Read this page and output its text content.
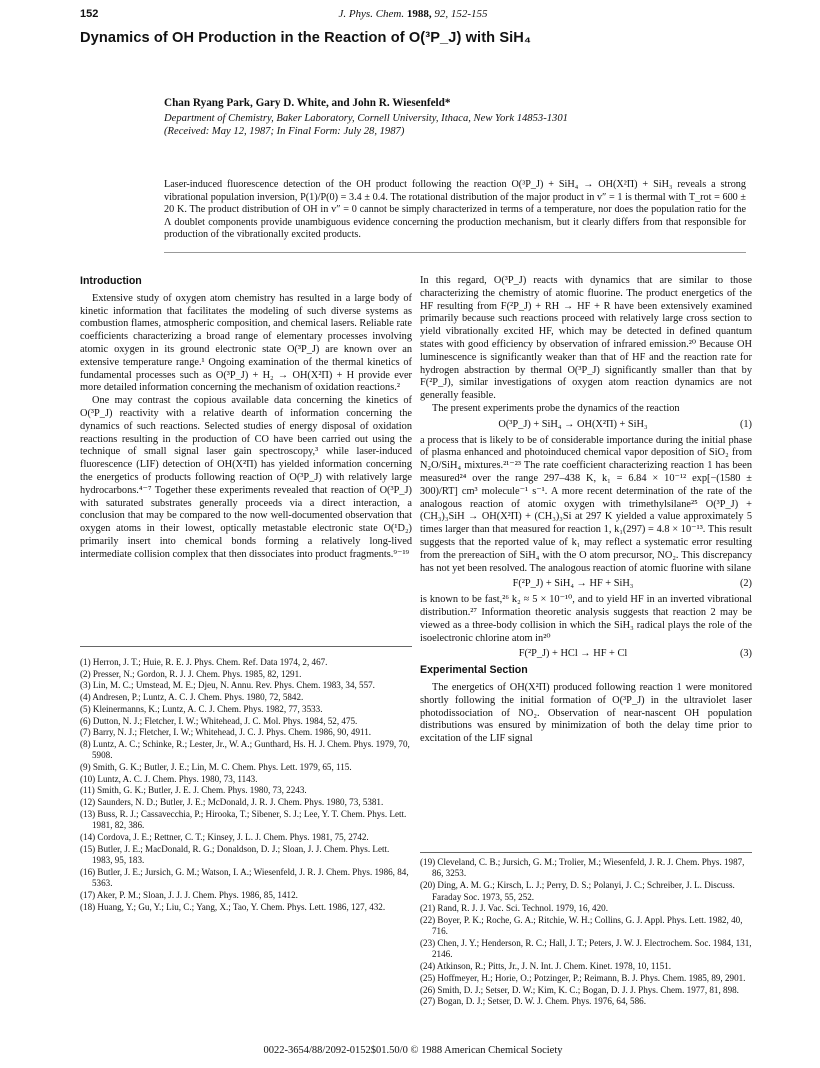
152	J. Phys. Chem. 1988, 92, 152-155
Dynamics of OH Production in the Reaction of O(³P_J) with SiH₄
Chan Ryang Park, Gary D. White, and John R. Wiesenfeld*
Department of Chemistry, Baker Laboratory, Cornell University, Ithaca, New York 14853-1301
(Received: May 12, 1987; In Final Form: July 28, 1987)
Laser-induced fluorescence detection of the OH product following the reaction O(³P_J) + SiH₄ → OH(X²Π) + SiH₃ reveals a strong vibrational population inversion, P(1)/P(0) = 3.4 ± 0.4. The rotational distribution of the major product in v″ = 1 is thermal with T_rot = 600 ± 20 K. The product distribution of OH in v″ = 0 cannot be simply characterized in terms of a temperature, nor does the population ratio for the Λ doublet components provide unambiguous evidence concerning the production mechanism, but it clearly differs from that responsible for production of the vibrationally excited products.
Introduction

Extensive study of oxygen atom chemistry has resulted in a large body of kinetic information that facilitates the modeling of such diverse systems as combustion flames, atmospheric composition, and chemical lasers. Reliable rate coefficients characterizing a broad range of elementary processes involving atomic oxygen in its ground electronic state O(³P_J) are known over an extensive temperature range.¹ Ongoing examination of the thermal kinetics of fundamental processes such as O(³P_J) + H₂ → OH(X²Π) + H provide ever more detailed information concerning the mechanism of oxidation reactions.²

One may contrast the copious available data concerning the kinetics of O(³P_J) reactivity with a relative dearth of information concerning the dynamics of such reactions. Selected studies of energy disposal of oxidation reactions resulting in the production of CO have been carried out using the technique of small signal laser gain spectroscopy,³ while laser-induced fluorescence (LIF) detection of OH(X²Π) has yielded information concerning the energetics of products following reaction of O(³P_J) with relatively large hydrocarbons.⁴⁻⁷ Together these experiments revealed that reaction of O(³P_J) with saturated substrates generally proceeds via a direct interaction, a conclusion that may be compared to the now well-documented observation that oxygen atoms in their lowest, optically metastable electronic state O(¹D₂) primarily insert into chemical bonds forming a relatively long-lived intermediate collision complex that then dissociates into product fragments.⁹⁻¹⁹

(1) Herron, J. T.; Huie, R. E. J. Phys. Chem. Ref. Data 1974, 2, 467.
(2) Presser, N.; Gordon, R. J. J. Chem. Phys. 1985, 82, 1291.
(3) Lin, M. C.; Umstead, M. E.; Djeu, N. Annu. Rev. Phys. Chem. 1983, 34, 557.
(4) Andresen, P.; Luntz, A. C. J. Chem. Phys. 1980, 72, 5842.
(5) Kleinermanns, K.; Luntz, A. C. J. Chem. Phys. 1982, 77, 3533.
(6) Dutton, N. J.; Fletcher, I. W.; Whitehead, J. C. Mol. Phys. 1984, 52, 475.
(7) Barry, N. J.; Fletcher, I. W.; Whitehead, J. C. J. Phys. Chem. 1986, 90, 4911.
(8) Luntz, A. C.; Schinke, R.; Lester, Jr., W. A.; Gunthard, Hs. H. J. Chem. Phys. 1979, 70, 5908.
(9) Smith, G. K.; Butler, J. E.; Lin, M. C. Chem. Phys. Lett. 1979, 65, 115.
(10) Luntz, A. C. J. Chem. Phys. 1980, 73, 1143.
(11) Smith, G. K.; Butler, J. E. J. Chem. Phys. 1980, 73, 2243.
(12) Saunders, N. D.; Butler, J. E.; McDonald, J. R. J. Chem. Phys. 1980, 73, 5381.
(13) Buss, R. J.; Cassavecchia, P.; Hirooka, T.; Sibener, S. J.; Lee, Y. T. Chem. Phys. Lett. 1981, 82, 386.
(14) Cordova, J. E.; Rettner, C. T.; Kinsey, J. L. J. Chem. Phys. 1981, 75, 2742.
(15) Butler, J. E.; MacDonald, R. G.; Donaldson, D. J.; Sloan, J. J. Chem. Phys. Lett. 1983, 95, 183.
(16) Butler, J. E.; Jursich, G. M.; Watson, I. A.; Wiesenfeld, J. R. J. Chem. Phys. 1986, 84, 5363.
(17) Aker, P. M.; Sloan, J. J. J. Chem. Phys. 1986, 85, 1412.
(18) Huang, Y.; Gu, Y.; Liu, C.; Yang, X.; Tao, Y. Chem. Phys. Lett. 1986, 127, 432.

In this regard, O(³P_J) reacts with dynamics that are similar to those characterizing the chemistry of atomic fluorine. The product energetics of the HF resulting from F(²P_J) + RH → HF + R have been extensively examined primarily because such reactions proceed with relatively large cross section to yield vibrationally excited HF, which may be detected in defined quantum states with good efficiency by observation of infrared emission.²⁰ Because OH luminescence is significantly weaker than that of HF and the reaction rate for hydrogen abstraction by thermal O(³P_J) significantly smaller than that by F(²P_J), similar investigations of oxygen atom reaction dynamics are not generally feasible.

The present experiments probe the dynamics of the reaction

O(³P_J) + SiH₄ → OH(X²Π) + SiH₃	(1)

a process that is likely to be of considerable importance during the initial phase of plasma enhanced and photoinduced chemical vapor deposition of SiO₂ from N₂O/SiH₄ mixtures.²¹⁻²³ The rate coefficient characterizing reaction 1 has been measured²⁴ over the range 297–438 K, k₁ = 6.84 × 10⁻¹² exp[−(1580 ± 300)/RT] cm³ molecule⁻¹ s⁻¹. A more recent determination of the rate of the analogous reaction of atomic oxygen with trimethylsilane²⁵ O(³P_J) + (CH₃)₃SiH → OH(X²Π) + (CH₃)₃Si at 297 K yielded a value approximately 5 times larger than that measured for reaction 1, k₁(297) = 4.8 × 10⁻¹³. This result suggests that the reported value of k₁ may reflect a systematic error resulting from the prereaction of SiH₄ with the O atom precursor, NO₂. This discrepancy has not yet been resolved. The analogous reaction of atomic fluorine with silane

F(²P_J) + SiH₄ → HF + SiH₃	(2)

is known to be fast,²⁶ k₂ ≈ 5 × 10⁻¹⁰, and to yield HF in an inverted vibrational distribution.²⁷ Information theoretic analysis suggests that reaction 2 may be viewed as a three-body collision in which the SiH₃ radical plays the role of the isoelectronic chlorine atom in²⁰

F(²P_J) + HCl → HF + Cl	(3)
Experimental Section

The energetics of OH(X²Π) produced following reaction 1 were monitored shortly following the initial formation of O(³P_J) in the ultraviolet laser photodissociation of NO₂. Observation of near-nascent OH population distributions was ensured by minimization of both the delay time prior to excitation of the LIF signal

(19) Cleveland, C. B.; Jursich, G. M.; Trolier, M.; Wiesenfeld, J. R. J. Chem. Phys. 1987, 86, 3253.
(20) Ding, A. M. G.; Kirsch, L. J.; Perry, D. S.; Polanyi, J. C.; Schreiber, J. L. Discuss. Faraday Soc. 1973, 55, 252.
(21) Rand, R. J. J. Vac. Sci. Technol. 1979, 16, 420.
(22) Boyer, P. K.; Roche, G. A.; Ritchie, W. H.; Collins, G. J. Appl. Phys. Lett. 1982, 40, 716.
(23) Chen, J. Y.; Henderson, R. C.; Hall, J. T.; Peters, J. W. J. Electrochem. Soc. 1984, 131, 2146.
(24) Atkinson, R.; Pitts, Jr., J. N. Int. J. Chem. Kinet. 1978, 10, 1151.
(25) Hoffmeyer, H.; Horie, O.; Potzinger, P.; Reimann, B. J. Phys. Chem. 1985, 89, 2901.
(26) Smith, D. J.; Setser, D. W.; Kim, K. C.; Bogan, D. J. J. Phys. Chem. 1977, 81, 898.
(27) Bogan, D. J.; Setser, D. W. J. Chem. Phys. 1976, 64, 586.
0022-3654/88/2092-0152$01.50/0 © 1988 American Chemical Society
